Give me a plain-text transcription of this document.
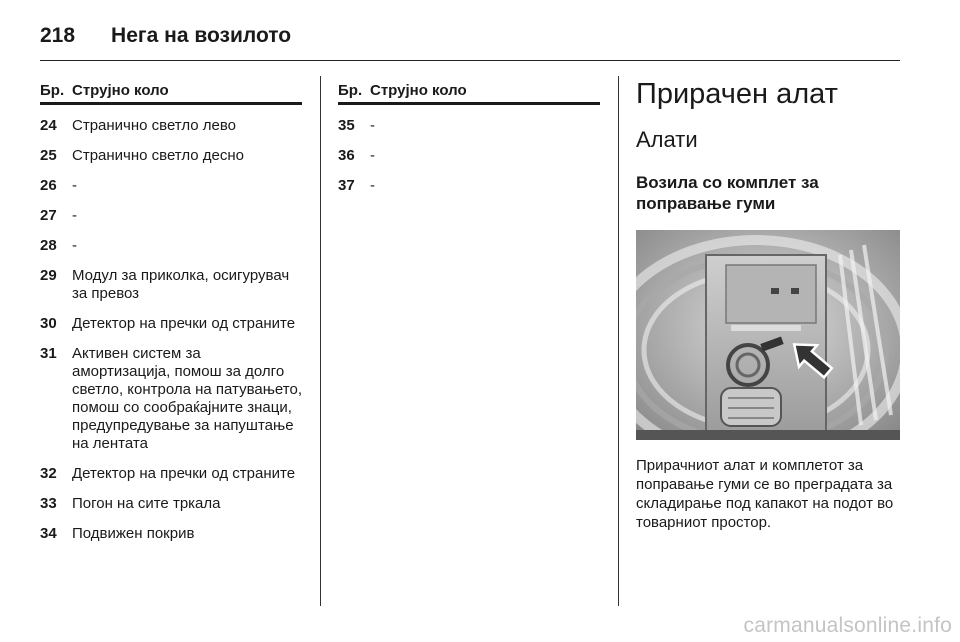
218 Нега на возилото
Бр. Струјно коло
24	Странично светло лево
25	Странично светло десно
26	-
27	-
28	-
29	Модул за приколка, осигурувач за превоз
30	Детектор на пречки од страните
31	Активен систем за амортизација, помош за долго светло, контрола на патувањето, помош со сообраќајните знаци, предупредување за напуштање на лентата
32	Детектор на пречки од страните
33	Погон на сите тркала
34	Подвижен покрив
Бр. Струјно коло
35	-
36	-
37	-
Прирачен алат
Алати
Возила со комплет за поправање гуми

Прирачниот алат и комплетот за поправање гуми се во преградата за складирање под капакот на подот во товарниот простор.

carmanualsonline.info
